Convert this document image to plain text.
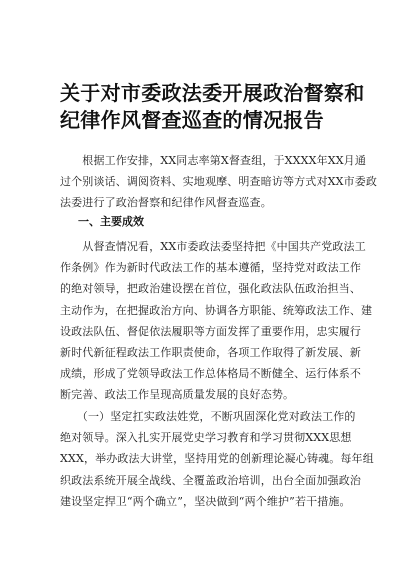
关于对市委政法委开展政治督察和
纪律作风督查巡查的情况报告
　　根据工作安排，XX同志率第X督查组，于XXXX年XX月通
过个别谈话、调阅资料、实地观摩、明查暗访等方式对XX市委政
法委进行了政治督察和纪律作风督查巡查。
一、主要成效
　　从督查情况看，XX市委政法委坚持把《中国共产党政法工
作条例》作为新时代政法工作的基本遵循，坚持党对政法工作
的绝对领导，把政治建设摆在首位，强化政法队伍政治担当、
主动作为，在把握政治方向、协调各方职能、统筹政法工作、建
设政法队伍、督促依法履职等方面发挥了重要作用，忠实履行
新时代新征程政法工作职责使命，各项工作取得了新发展、新
成绩，形成了党领导政法工作总体格局不断健全、运行体系不
断完善、政法工作呈现高质量发展的良好态势。
　　（一）坚定扛实政法姓党，不断巩固深化党对政法工作的
绝对领导。深入扎实开展党史学习教育和学习贯彻XXX思想
XXX，举办政法大讲堂，坚持用党的创新理论凝心铸魂。每年组
织政法系统开展全战线、全覆盖政治培训，出台全面加强政治
建设坚定捍卫“两个确立”，坚决做到“两个维护”若干措施。
